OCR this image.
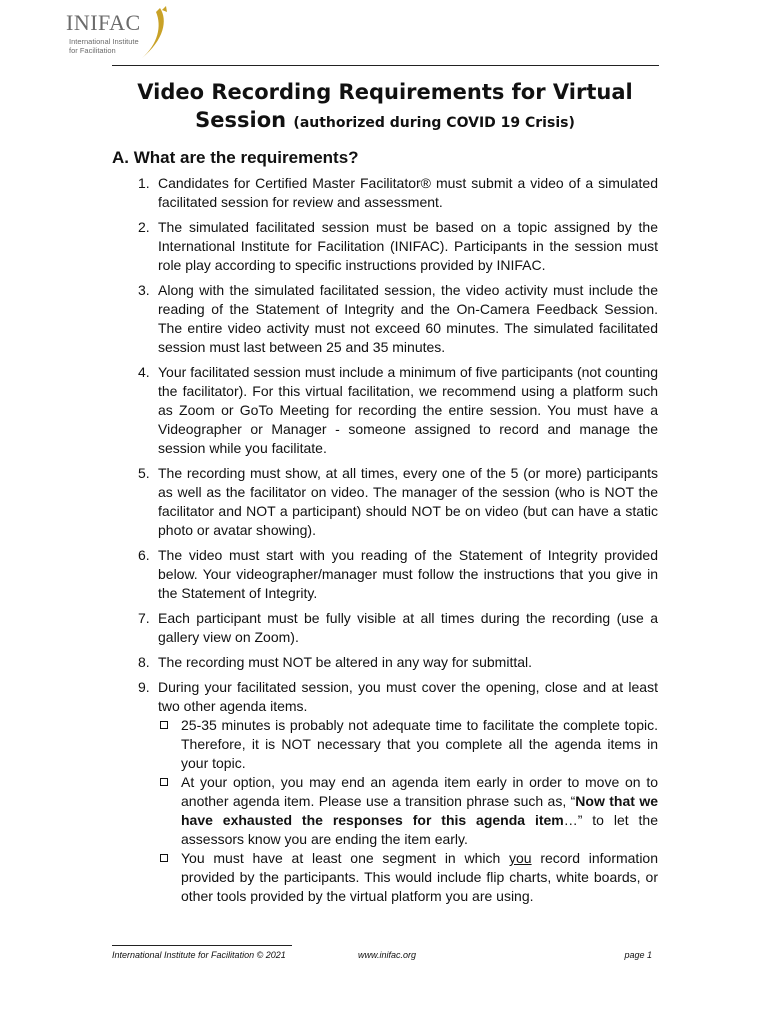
INIFAC
International Institute
for Facilitation
Video Recording Requirements for Virtual
Session (authorized during COVID 19 Crisis)
A. What are the requirements?
1. Candidates for Certified Master Facilitator® must submit a video of a simulated facilitated session for review and assessment.
2. The simulated facilitated session must be based on a topic assigned by the International Institute for Facilitation (INIFAC). Participants in the session must role play according to specific instructions provided by INIFAC.
3. Along with the simulated facilitated session, the video activity must include the reading of the Statement of Integrity and the On-Camera Feedback Session. The entire video activity must not exceed 60 minutes. The simulated facilitated session must last between 25 and 35 minutes.
4. Your facilitated session must include a minimum of five participants (not counting the facilitator). For this virtual facilitation, we recommend using a platform such as Zoom or GoTo Meeting for recording the entire session. You must have a Videographer or Manager - someone assigned to record and manage the session while you facilitate.
5. The recording must show, at all times, every one of the 5 (or more) participants as well as the facilitator on video. The manager of the session (who is NOT the facilitator and NOT a participant) should NOT be on video (but can have a static photo or avatar showing).
6. The video must start with you reading of the Statement of Integrity provided below. Your videographer/manager must follow the instructions that you give in the Statement of Integrity.
7. Each participant must be fully visible at all times during the recording (use a gallery view on Zoom).
8. The recording must NOT be altered in any way for submittal.
9. During your facilitated session, you must cover the opening, close and at least two other agenda items.
25-35 minutes is probably not adequate time to facilitate the complete topic. Therefore, it is NOT necessary that you complete all the agenda items in your topic.
At your option, you may end an agenda item early in order to move on to another agenda item. Please use a transition phrase such as, “Now that we have exhausted the responses for this agenda item…” to let the assessors know you are ending the item early.
You must have at least one segment in which you record information provided by the participants. This would include flip charts, white boards, or other tools provided by the virtual platform you are using.
International Institute for Facilitation © 2021	www.inifac.org	page 1
